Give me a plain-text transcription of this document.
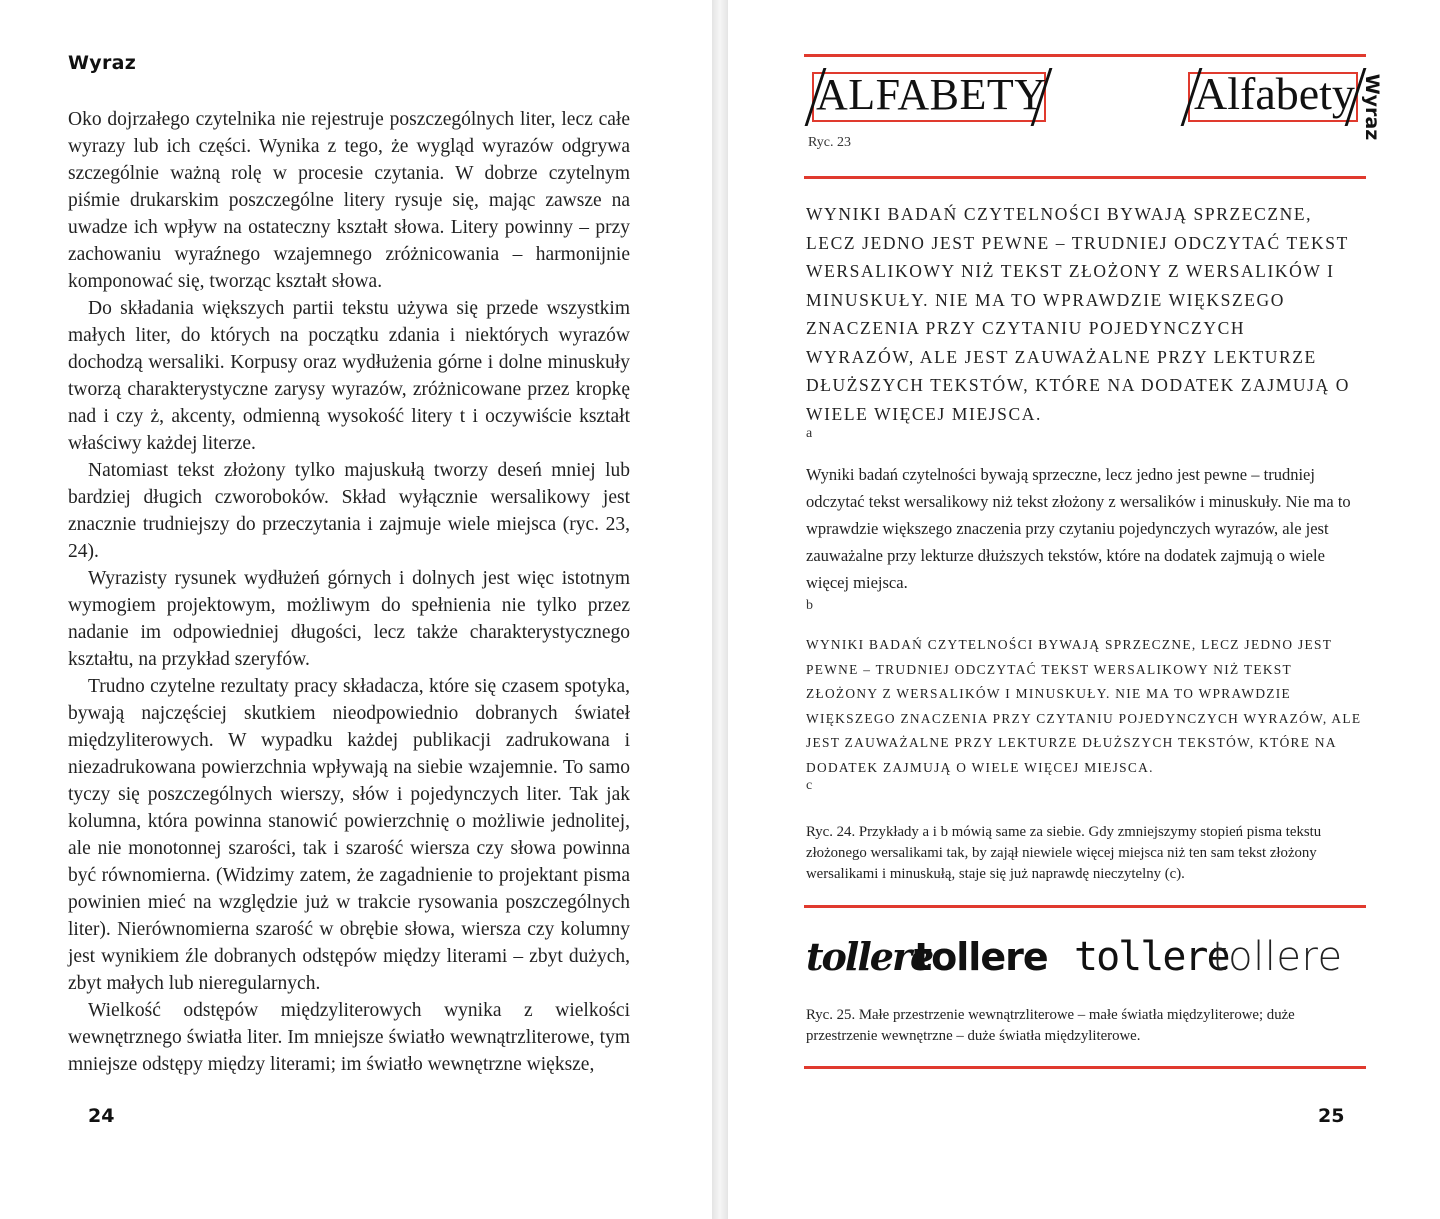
Wyraz

Oko dojrzałego czytelnika nie rejestruje poszczególnych liter, lecz całe wyrazy lub ich części. Wynika z tego, że wygląd wyrazów odgrywa szczególnie ważną rolę w procesie czytania. W dobrze czytelnym piśmie drukarskim poszczególne litery rysuje się, mając zawsze na uwadze ich wpływ na ostateczny kształt słowa. Litery powinny – przy zachowaniu wyraźnego wzajemnego zróżnicowania – harmonijnie komponować się, tworząc kształt słowa.

Do składania większych partii tekstu używa się przede wszystkim małych liter, do których na początku zdania i niektórych wyrazów dochodzą wersaliki. Korpusy oraz wydłużenia górne i dolne minuskuły tworzą charakterystyczne zarysy wyrazów, zróżnicowane przez kropkę nad i czy ż, akcenty, odmienną wysokość litery t i oczywiście kształt właściwy każdej literze.

Natomiast tekst złożony tylko majuskułą tworzy deseń mniej lub bardziej długich czworoboków. Skład wyłącznie wersalikowy jest znacznie trudniejszy do przeczytania i zajmuje wiele miejsca (ryc. 23, 24).

Wyrazisty rysunek wydłużeń górnych i dolnych jest więc istotnym wymogiem projektowym, możliwym do spełnienia nie tylko przez nadanie im odpowiedniej długości, lecz także charakterystycznego kształtu, na przykład szeryfów.

Trudno czytelne rezultaty pracy składacza, które się czasem spotyka, bywają najczęściej skutkiem nieodpowiednio dobranych świateł międzyliterowych. W wypadku każdej publikacji zadrukowana i niezadrukowana powierzchnia wpływają na siebie wzajemnie. To samo tyczy się poszczególnych wierszy, słów i pojedynczych liter. Tak jak kolumna, która powinna stanowić powierzchnię o możliwie jednolitej, ale nie monotonnej szarości, tak i szarość wiersza czy słowa powinna być równomierna. (Widzimy zatem, że zagadnienie to projektant pisma powinien mieć na względzie już w trakcie rysowania poszczególnych liter). Nierównomierna szarość w obrębie słowa, wiersza czy kolumny jest wynikiem źle dobranych odstępów między literami – zbyt dużych, zbyt małych lub nieregularnych.

Wielkość odstępów międzyliterowych wynika z wielkości wewnętrznego światła liter. Im mniejsze światło wewnątrzliterowe, tym mniejsze odstępy między literami; im światło wewnętrzne większe,

24
Wyraz
ALFABETY	Alfabety
Ryc. 23
WYNIKI BADAŃ CZYTELNOŚCI BYWAJĄ SPRZECZNE, LECZ JEDNO JEST PEWNE – TRUDNIEJ ODCZYTAĆ TEKST WERSALIKOWY NIŻ TEKST ZŁOŻONY Z WERSALIKÓW I MINUSKUŁY. NIE MA TO WPRAWDZIE WIĘKSZEGO ZNACZENIA PRZY CZYTANIU POJEDYNCZYCH WYRAZÓW, ALE JEST ZAUWAŻALNE PRZY LEKTURZE DŁUŻSZYCH TEKSTÓW, KTÓRE NA DODATEK ZAJMUJĄ O WIELE WIĘCEJ MIEJSCA.
a
Wyniki badań czytelności bywają sprzeczne, lecz jedno jest pewne – trudniej odczytać tekst wersalikowy niż tekst złożony z wersalików i minuskuły. Nie ma to wprawdzie większego znaczenia przy czytaniu pojedynczych wyrazów, ale jest zauważalne przy lekturze dłuższych tekstów, które na dodatek zajmują o wiele więcej miejsca.
b
WYNIKI BADAŃ CZYTELNOŚCI BYWAJĄ SPRZECZNE, LECZ JEDNO JEST PEWNE – TRUDNIEJ ODCZYTAĆ TEKST WERSALIKOWY NIŻ TEKST ZŁOŻONY Z WERSALIKÓW I MINUSKUŁY. NIE MA TO WPRAWDZIE WIĘKSZEGO ZNACZENIA PRZY CZYTANIU POJEDYNCZYCH WYRAZÓW, ALE JEST ZAUWAŻALNE PRZY LEKTURZE DŁUŻSZYCH TEKSTÓW, KTÓRE NA DODATEK ZAJMUJĄ O WIELE WIĘCEJ MIEJSCA.
c
Ryc. 24. Przykłady a i b mówią same za siebie. Gdy zmniejszymy stopień pisma tekstu złożonego wersalikami tak, by zajął niewiele więcej miejsca niż ten sam tekst złożony wersalikami i minuskułą, staje się już naprawdę nieczytelny (c).
tollere
tollere tollere
tollere
Ryc. 25. Małe przestrzenie wewnątrzliterowe – małe światła międzyliterowe; duże przestrzenie wewnętrzne – duże światła międzyliterowe.
25
